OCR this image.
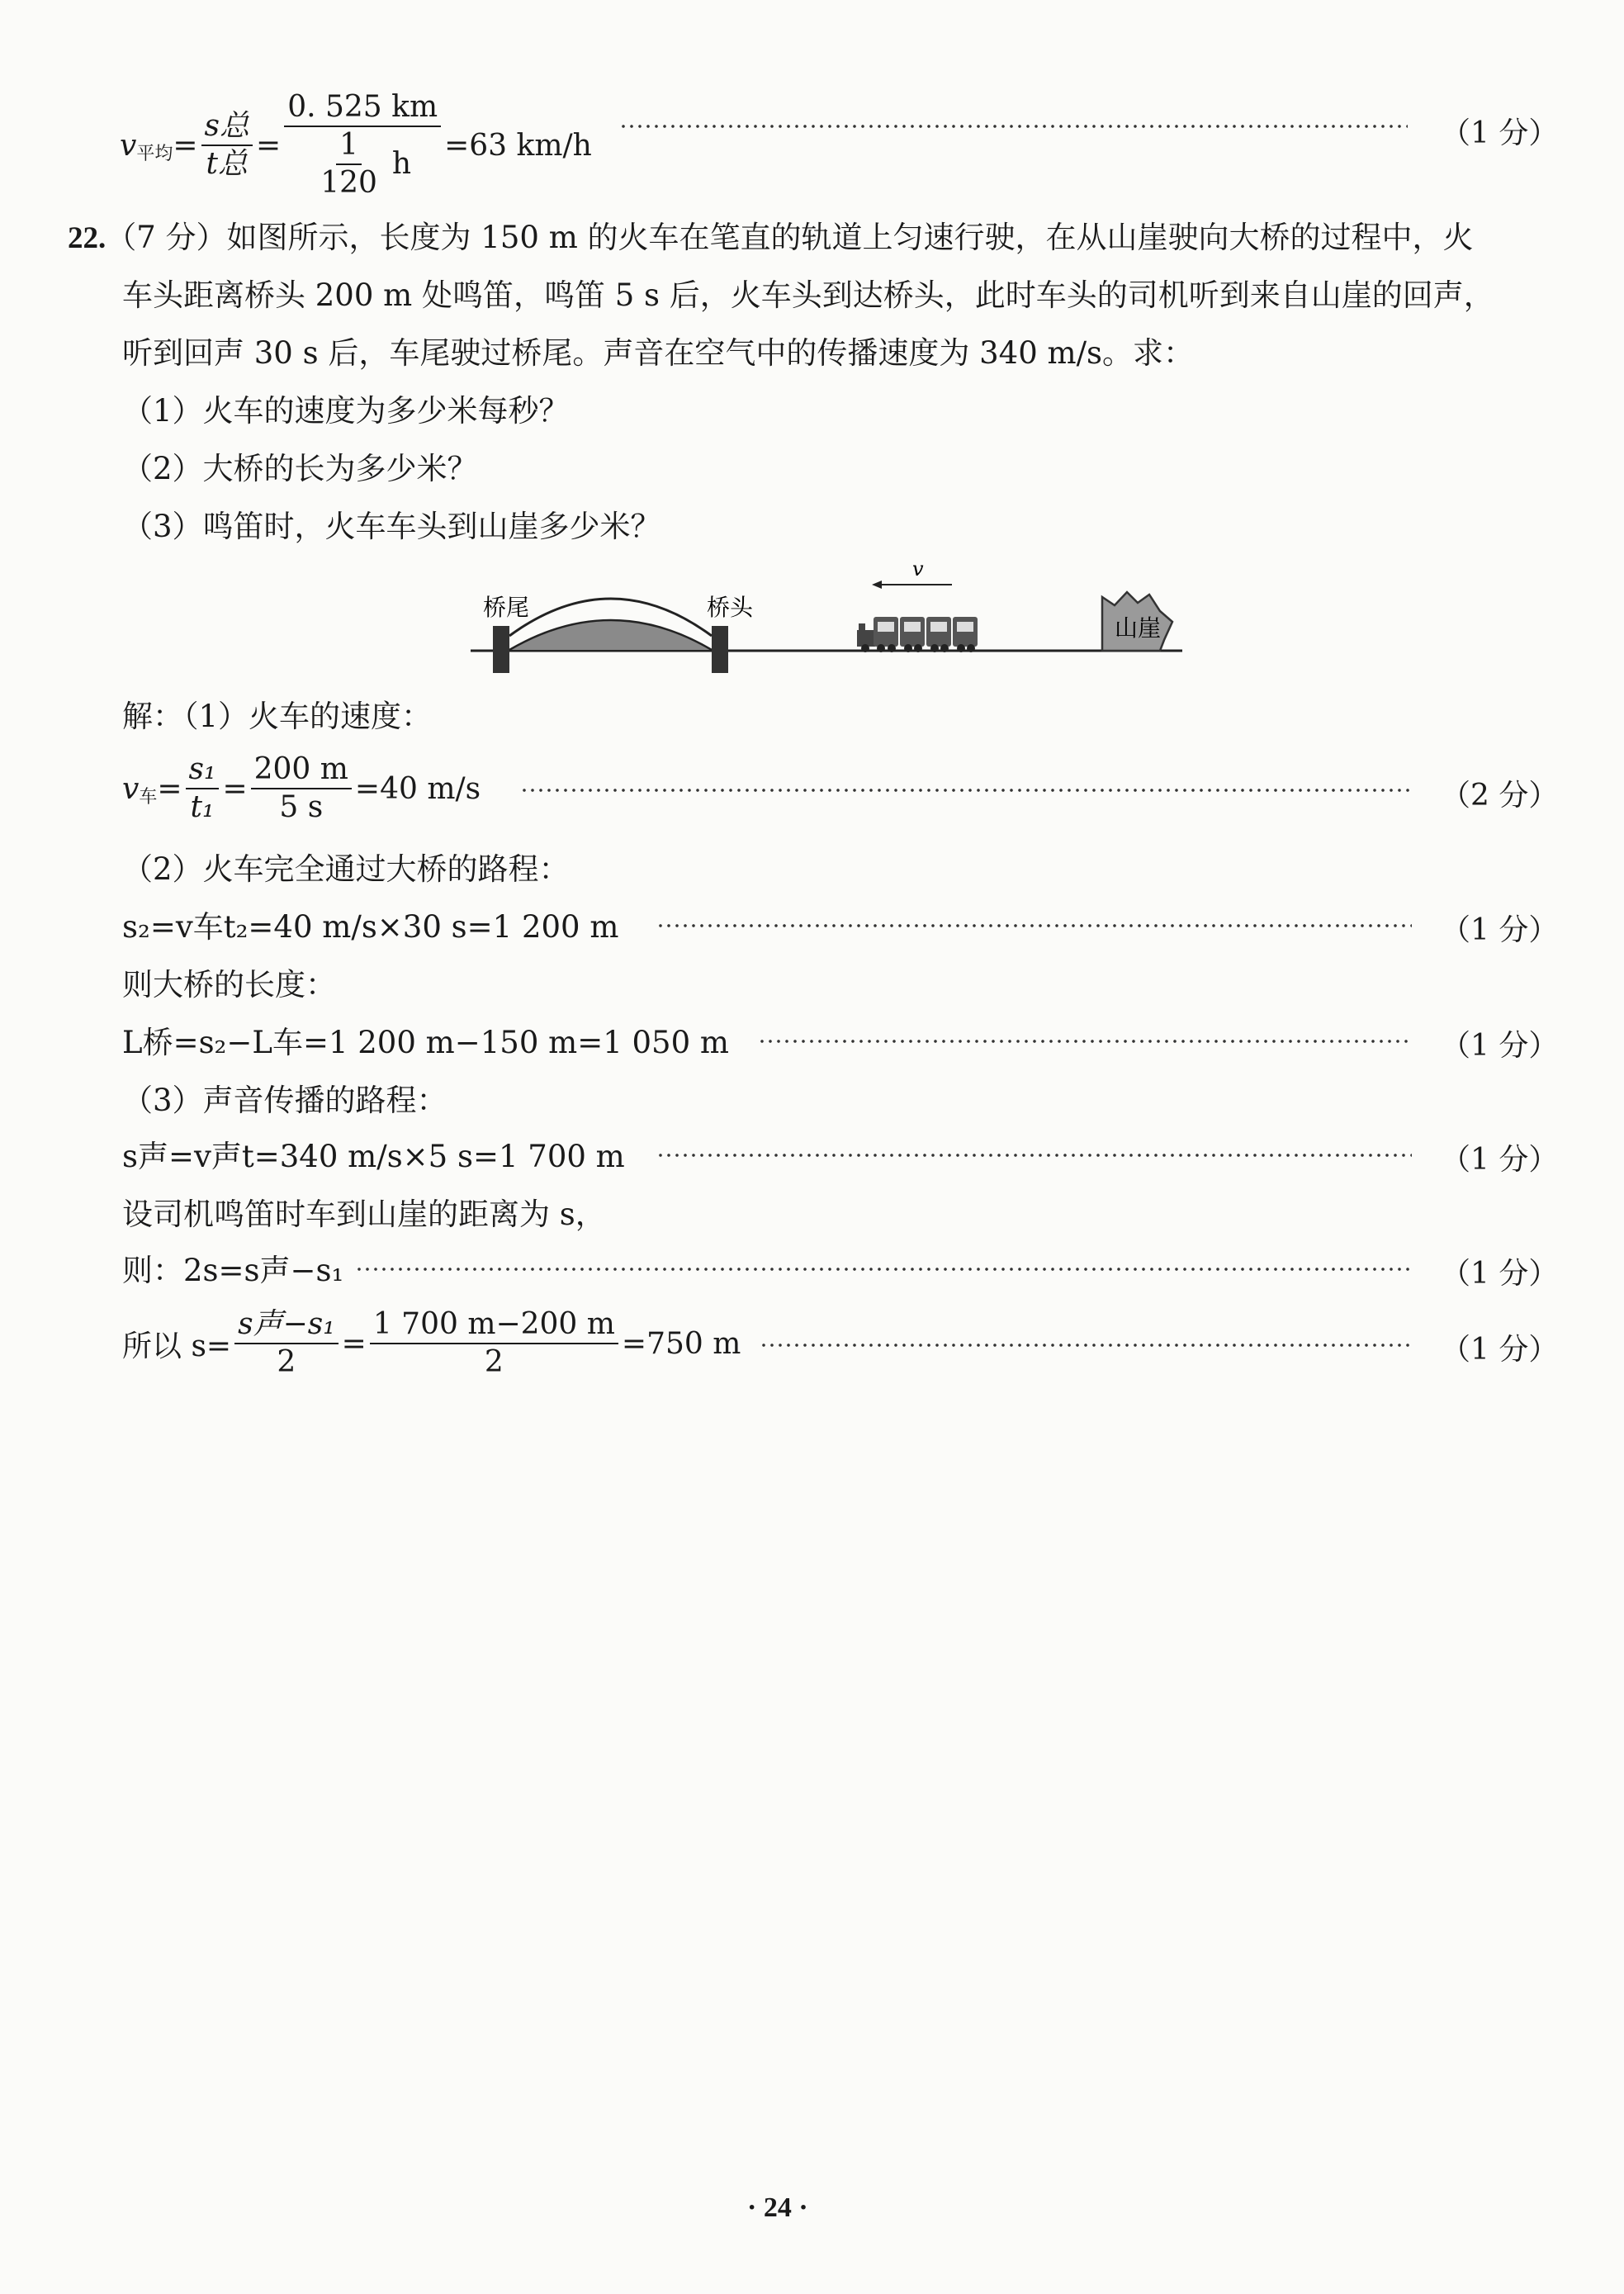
v 平均 = $\frac{\text{s总}}{\text{t总}} = \frac{0. 525 km}{\frac{1}{120} h} =63$ km/h	（1 分）
22.（7 分）如图所示，长度为 150 m 的火车在笔直的轨道上匀速行驶，在从山崖驶向大桥的过程中，火
车头距离桥头 200 m 处鸣笛，鸣笛 5 s 后，火车头到达桥头，此时车头的司机听到来自山崖的回声，
听到回声 30 s 后，车尾驶过桥尾。声音在空气中的传播速度为 340 m/s。求：
（1）火车的速度为多少米每秒？
（2）大桥的长为多少米？
（3）鸣笛时，火车车头到山崖多少米？
桥尾	桥头
v
山崖
解：（1）火车的速度：
v 车 = $\frac{\text{s₁}}{\text{t₁}} = \frac{200 m}{5 s} =40$ m/s	（2 分）
（2）火车完全通过大桥的路程：
s₂=v车t₂=40 m/s×30 s=1 200 m	（1 分）
则大桥的长度：
L桥=s₂−L车=1 200 m−150 m=1 050 m	（1 分）
（3）声音传播的路程：
s声=v声t=340 m/s×5 s=1 700 m	（1 分）
设司机鸣笛时车到山崖的距离为 s，
则：2s=s声−s₁	（1 分）
所以 $s= \frac{\text{s声−s₁}}{2} = \frac{1 700 m-200 m}{2} =750$ m	（1 分）
· 24 ·
